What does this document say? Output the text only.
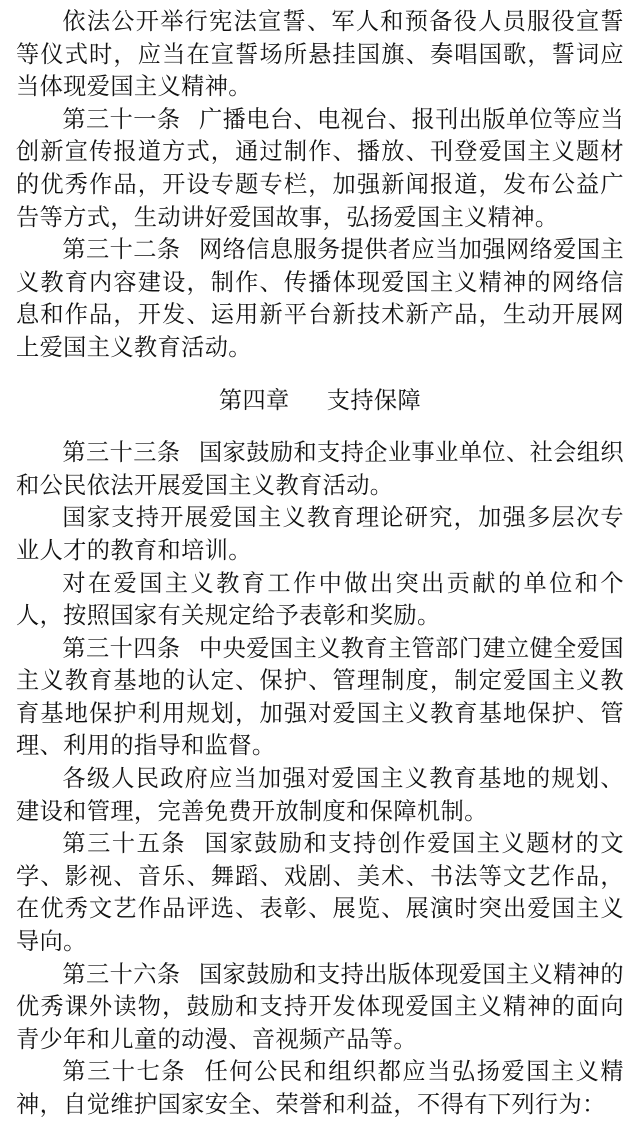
依法公开举行宪法宣誓、军人和预备役人员服役宣誓等仪式时，应当在宣誓场所悬挂国旗、奏唱国歌，誓词应当体现爱国主义精神。

第三十一条 广播电台、电视台、报刊出版单位等应当创新宣传报道方式，通过制作、播放、刊登爱国主义题材的优秀作品，开设专题专栏，加强新闻报道，发布公益广告等方式，生动讲好爱国故事，弘扬爱国主义精神。

第三十二条 网络信息服务提供者应当加强网络爱国主义教育内容建设，制作、传播体现爱国主义精神的网络信息和作品，开发、运用新平台新技术新产品，生动开展网上爱国主义教育活动。

第四章 支持保障

第三十三条 国家鼓励和支持企业事业单位、社会组织和公民依法开展爱国主义教育活动。

国家支持开展爱国主义教育理论研究，加强多层次专业人才的教育和培训。

对在爱国主义教育工作中做出突出贡献的单位和个人，按照国家有关规定给予表彰和奖励。

第三十四条 中央爱国主义教育主管部门建立健全爱国主义教育基地的认定、保护、管理制度，制定爱国主义教育基地保护利用规划，加强对爱国主义教育基地保护、管理、利用的指导和监督。

各级人民政府应当加强对爱国主义教育基地的规划、建设和管理，完善免费开放制度和保障机制。

第三十五条 国家鼓励和支持创作爱国主义题材的文学、影视、音乐、舞蹈、戏剧、美术、书法等文艺作品，在优秀文艺作品评选、表彰、展览、展演时突出爱国主义导向。

第三十六条 国家鼓励和支持出版体现爱国主义精神的优秀课外读物，鼓励和支持开发体现爱国主义精神的面向青少年和儿童的动漫、音视频产品等。

第三十七条 任何公民和组织都应当弘扬爱国主义精神，自觉维护国家安全、荣誉和利益，不得有下列行为：
